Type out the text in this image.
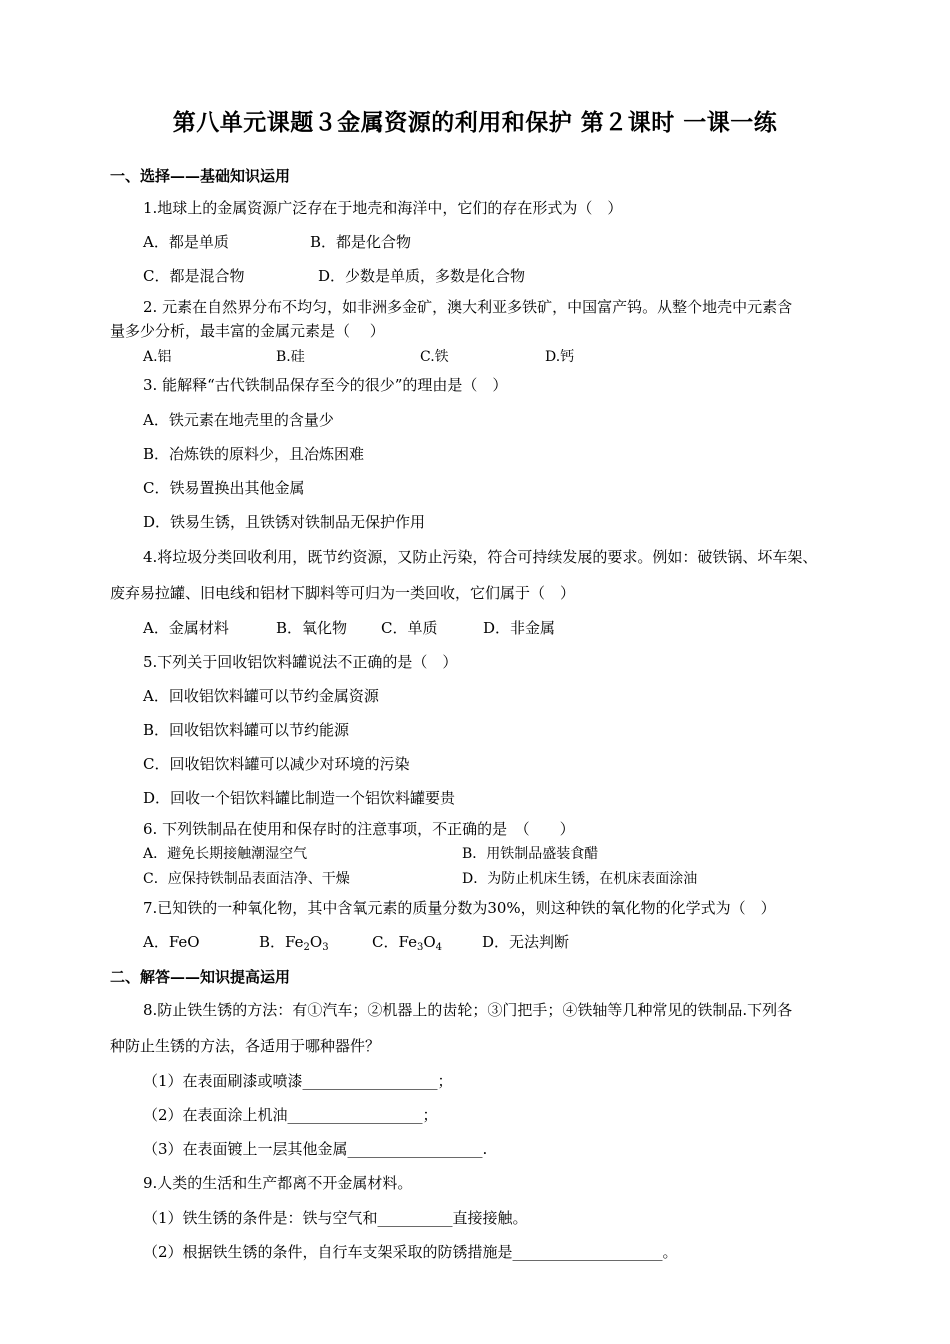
第八单元课题３金属资源的利用和保护 第２课时 一课一练
一、选择——基础知识运用
1.地球上的金属资源广泛存在于地壳和海洋中，它们的存在形式为（　）
A．都是单质	B．都是化合物
C．都是混合物	D．少数是单质，多数是化合物
2. 元素在自然界分布不均匀，如非洲多金矿，澳大利亚多铁矿，中国富产钨。从整个地壳中元素含
量多少分析，最丰富的金属元素是（　 ）
A.铝	B.硅	C.铁	D.钙
3. 能解释“古代铁制品保存至今的很少”的理由是（　）
A．铁元素在地壳里的含量少
B．冶炼铁的原料少，且冶炼困难
C．铁易置换出其他金属
D．铁易生锈，且铁锈对铁制品无保护作用
4.将垃圾分类回收利用，既节约资源，又防止污染，符合可持续发展的要求。例如：破铁锅、坏车架、
废弃易拉罐、旧电线和铝材下脚料等可归为一类回收，它们属于（　）
A．金属材料	B．氧化物 C．单质	D．非金属
5.下列关于回收铝饮料罐说法不正确的是（　）
A．回收铝饮料罐可以节约金属资源
B．回收铝饮料罐可以节约能源
C．回收铝饮料罐可以减少对环境的污染
D．回收一个铝饮料罐比制造一个铝饮料罐要贵
6. 下列铁制品在使用和保存时的注意事项，不正确的是　（　　）
A．避免长期接触潮湿空气	B．用铁制品盛装食醋
C．应保持铁制品表面洁净、干燥	D．为防止机床生锈，在机床表面涂油
7.已知铁的一种氧化物，其中含氧元素的质量分数为30%，则这种铁的氧化物的化学式为（　）
A．FeO	B．$Fe_2O_3$	C．$Fe_3O_4$	D．无法判断
二、解答——知识提高运用
8.防止铁生锈的方法：有①汽车；②机器上的齿轮；③门把手；④铁轴等几种常见的铁制品.下列各
种防止生锈的方法，各适用于哪种器件？
（1）在表面刷漆或喷漆__________________；
（2）在表面涂上机油__________________；
（3）在表面镀上一层其他金属__________________.
9.人类的生活和生产都离不开金属材料。
（1）铁生锈的条件是：铁与空气和__________直接接触。
（2）根据铁生锈的条件，自行车支架采取的防锈措施是____________________。
